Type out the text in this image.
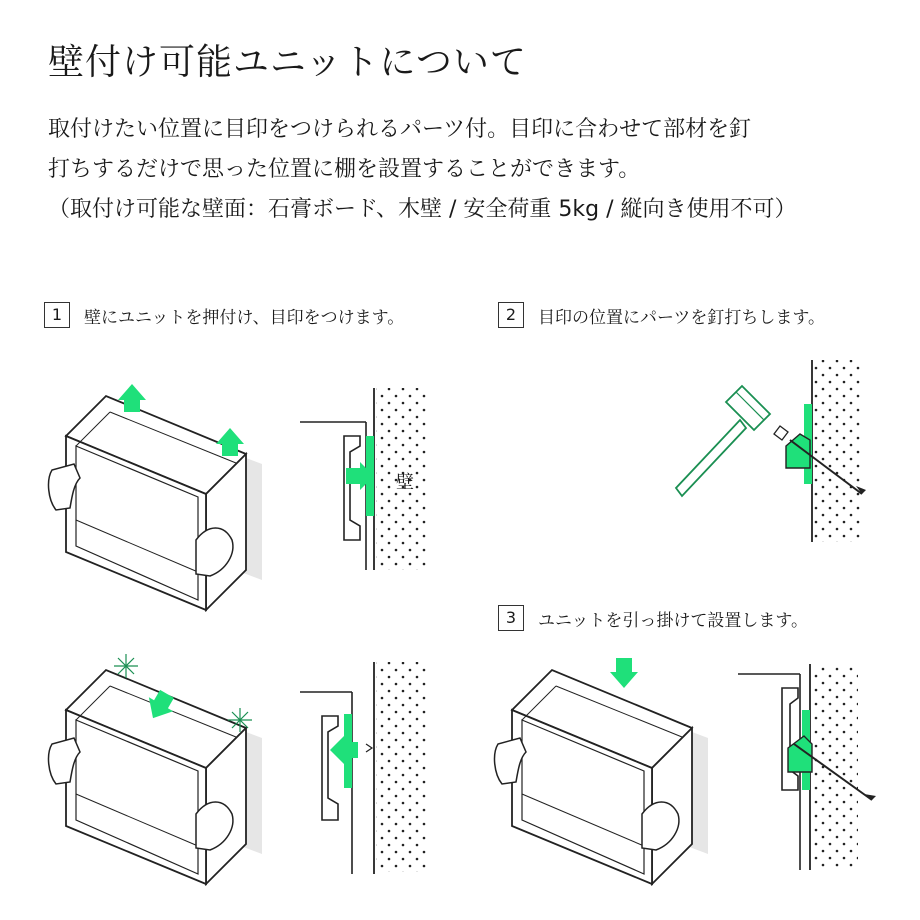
壁付け可能ユニットについて
取付けたい位置に目印をつけられるパーツ付。目印に合わせて部材を釘
打ちするだけで思った位置に棚を設置することができます。
（取付け可能な壁面：石膏ボード、木壁 / 安全荷重 5kg / 縦向き使用不可）
1	壁にユニットを押付け、目印をつけます。	2	目印の位置にパーツを釘打ちします。
3	ユニットを引っ掛けて設置します。
壁
